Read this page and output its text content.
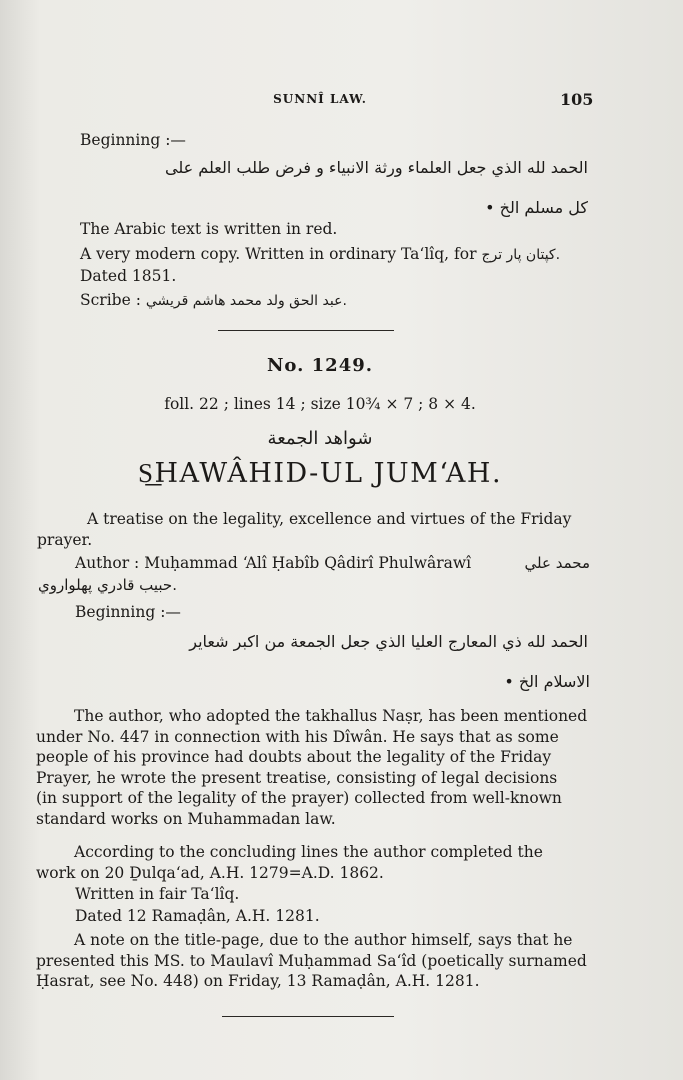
SUNNÎ LAW.	105
Beginning :—
الحمد لله الذي جعل العلماء ورثة الانبياء و فرض طلب العلم على
كل مسلم الخ •
The Arabic text is written in red.
A very modern copy. Written in ordinary Ta‘lîq, for کپتان پار ترج.
Dated 1851.
Scribe : عبد الحق ولد محمد هاشم قريشي.
No. 1249.
foll. 22 ; lines 14 ; size 10¾ × 7 ; 8 × 4.
شواهد الجمعة
S͟HAWÂHID-UL JUM‘AH.
A treatise on the legality, excellence and virtues of the Friday
prayer.
Author : Muḥammad ‘Alî Ḥabîb Qâdirî Phulwârawî	محمد علي
حبيب قادري پهلواروي.
Beginning :—
الحمد لله ذي المعارج العليا الذي جعل الجمعة من اكبر شعاير
الاسلام الخ •
The author, who adopted the takhallus Naṣr, has been mentioned
under No. 447 in connection with his Dîwân. He says that as some
people of his province had doubts about the legality of the Friday
Prayer, he wrote the present treatise, consisting of legal decisions
(in support of the legality of the prayer) collected from well-known
standard works on Muhammadan law.
According to the concluding lines the author completed the
work on 20 Ḏulqa‘ad, A.H. 1279=A.D. 1862.
Written in fair Ta‘lîq.
Dated 12 Ramaḍân, A.H. 1281.
A note on the title-page, due to the author himself, says that he
presented this MS. to Maulavî Muḥammad Sa‘îd (poetically surnamed
Ḥasrat, see No. 448) on Friday, 13 Ramaḍân, A.H. 1281.
